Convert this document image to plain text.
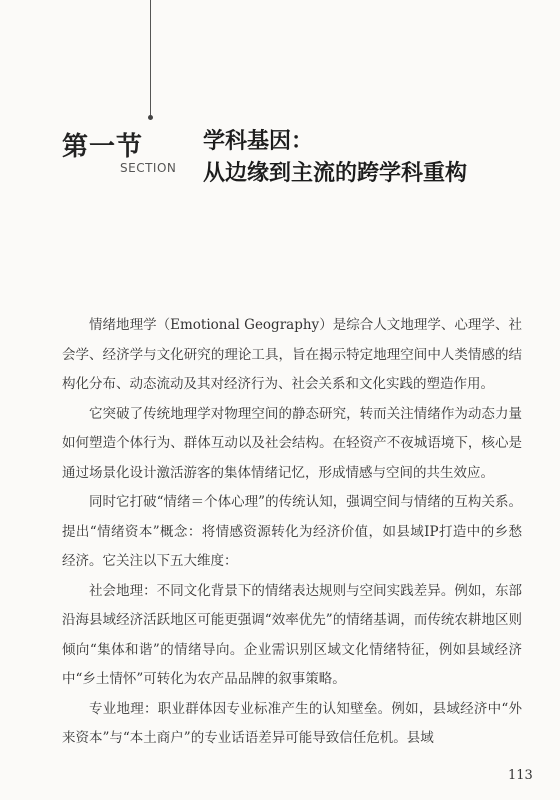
第一节
SECTION
学科基因：
从边缘到主流的跨学科重构

情绪地理学（Emotional Geography）是综合人文地理学、心理学、社会学、经济学与文化研究的理论工具，旨在揭示特定地理空间中人类情感的结构化分布、动态流动及其对经济行为、社会关系和文化实践的塑造作用。

它突破了传统地理学对物理空间的静态研究，转而关注情绪作为动态力量如何塑造个体行为、群体互动以及社会结构。在轻资产不夜城语境下，核心是通过场景化设计激活游客的集体情绪记忆，形成情感与空间的共生效应。

同时它打破“情绪＝个体心理”的传统认知，强调空间与情绪的互构关系。提出“情绪资本”概念：将情感资源转化为经济价值，如县域IP打造中的乡愁经济。它关注以下五大维度：

社会地理：不同文化背景下的情绪表达规则与空间实践差异。例如，东部沿海县域经济活跃地区可能更强调“效率优先”的情绪基调，而传统农耕地区则倾向“集体和谐”的情绪导向。企业需识别区域文化情绪特征，例如县域经济中“乡土情怀”可转化为农产品品牌的叙事策略。

专业地理：职业群体因专业标准产生的认知壁垒。例如，县域经济中“外来资本”与“本土商户”的专业话语差异可能导致信任危机。县域

113
